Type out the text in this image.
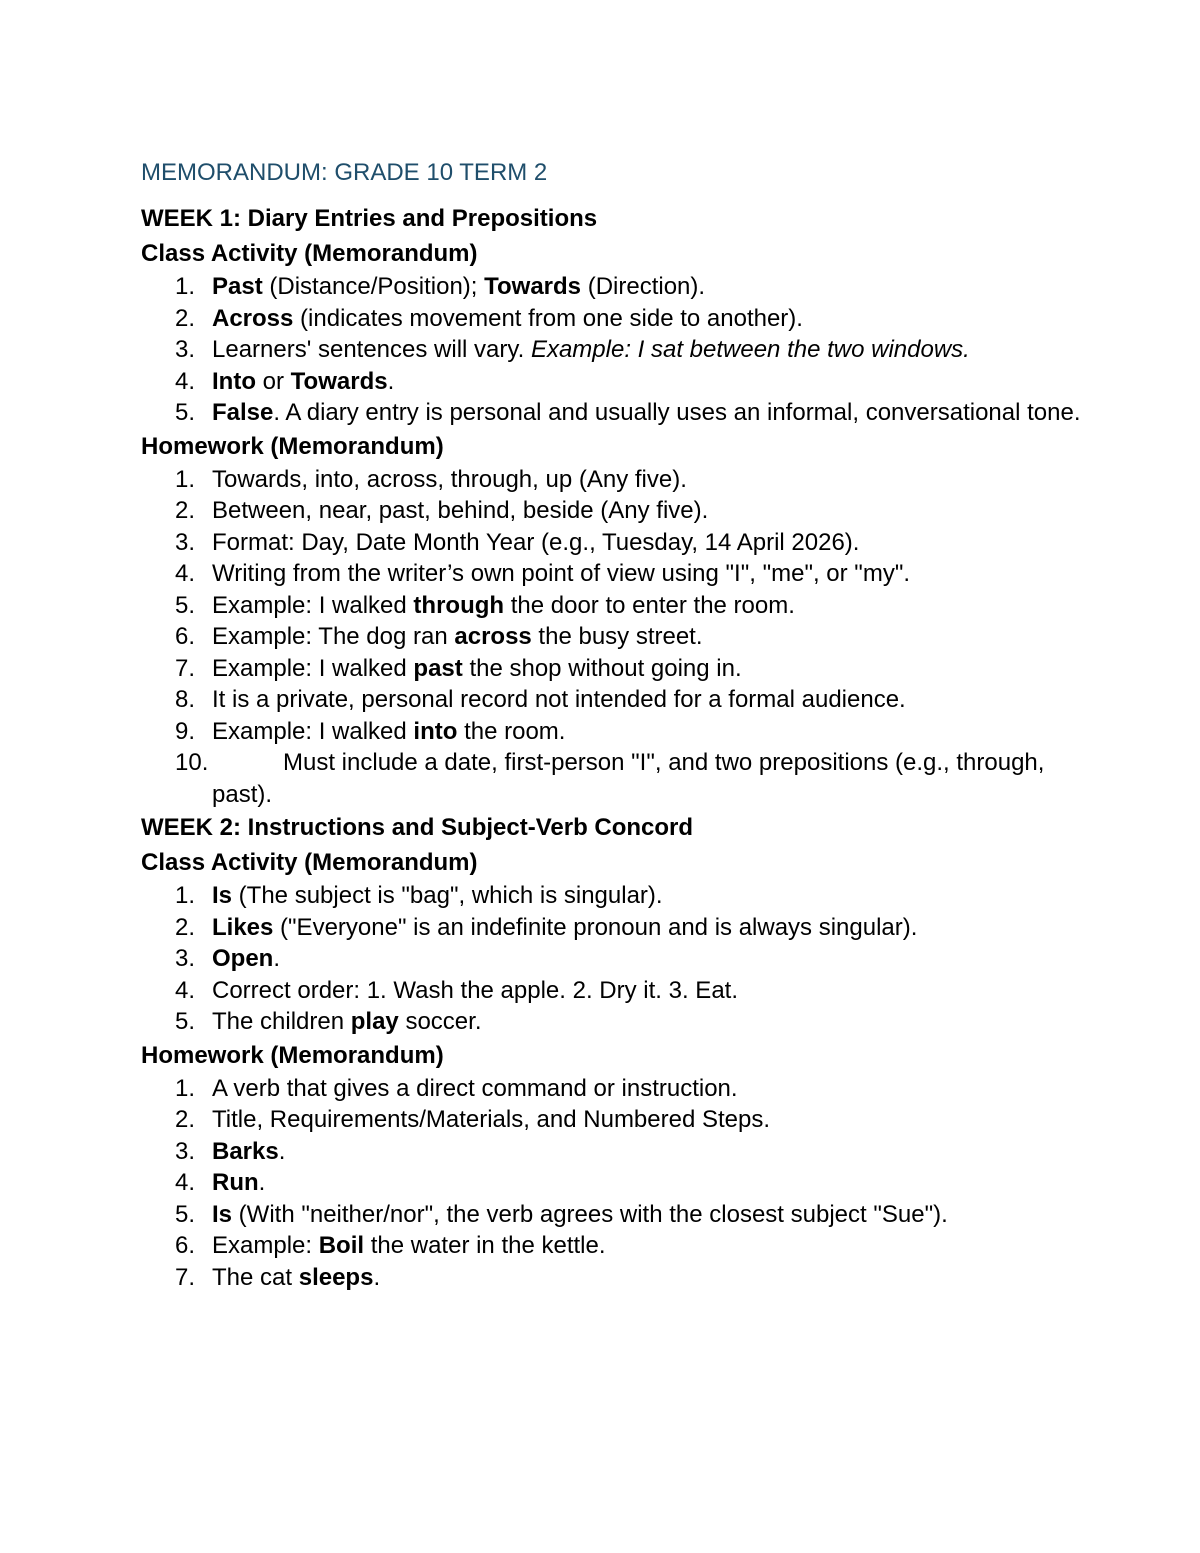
MEMORANDUM: GRADE 10 TERM 2
WEEK 1: Diary Entries and Prepositions
Class Activity (Memorandum)
1. Past (Distance/Position); Towards (Direction).
2. Across (indicates movement from one side to another).
3. Learners' sentences will vary. Example: I sat between the two windows.
4. Into or Towards.
5. False. A diary entry is personal and usually uses an informal, conversational tone.
Homework (Memorandum)
1. Towards, into, across, through, up (Any five).
2. Between, near, past, behind, beside (Any five).
3. Format: Day, Date Month Year (e.g., Tuesday, 14 April 2026).
4. Writing from the writer’s own point of view using "I", "me", or "my".
5. Example: I walked through the door to enter the room.
6. Example: The dog ran across the busy street.
7. Example: I walked past the shop without going in.
8. It is a private, personal record not intended for a formal audience.
9. Example: I walked into the room.
10.	Must include a date, first-person "I", and two prepositions (e.g., through, past).
WEEK 2: Instructions and Subject-Verb Concord
Class Activity (Memorandum)
1. Is (The subject is "bag", which is singular).
2. Likes ("Everyone" is an indefinite pronoun and is always singular).
3. Open.
4. Correct order: 1. Wash the apple. 2. Dry it. 3. Eat.
5. The children play soccer.
Homework (Memorandum)
1. A verb that gives a direct command or instruction.
2. Title, Requirements/Materials, and Numbered Steps.
3. Barks.
4. Run.
5. Is (With "neither/nor", the verb agrees with the closest subject "Sue").
6. Example: Boil the water in the kettle.
7. The cat sleeps.
